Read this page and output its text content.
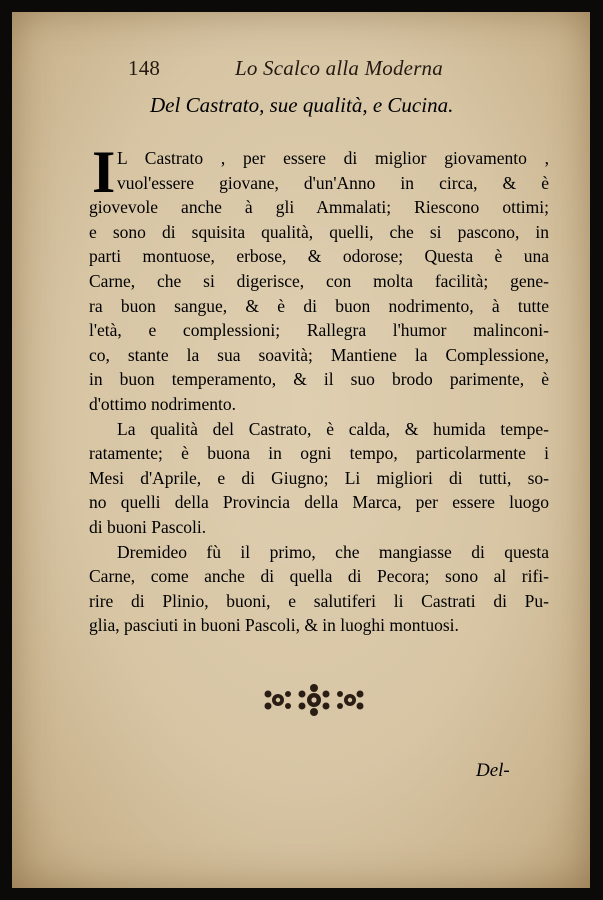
148	Lo Scalco alla Moderna
Del Castrato, sue qualità, e Cucina.
I L Castrato , per essere di miglior giovamento ,
vuol'essere giovane, d'un'Anno in circa, & è
giovevole anche à gli Ammalati; Riescono ottimi;
e sono di squisita qualità, quelli, che si pascono, in
parti montuose, erbose, & odorose; Questa è una
Carne, che si digerisce, con molta facilità; gene-
ra buon sangue, & è di buon nodrimento, à tutte
l'età, e complessioni; Rallegra l'humor malinconi-
co, stante la sua soavità; Mantiene la Complessione,
in buon temperamento, & il suo brodo parimente, è
d'ottimo nodrimento.
La qualità del Castrato, è calda, & humida tempe-
ratamente; è buona in ogni tempo, particolarmente i
Mesi d'Aprile, e di Giugno; Li migliori di tutti, so-
no quelli della Provincia della Marca, per essere luogo
di buoni Pascoli.
Dremideo fù il primo, che mangiasse di questa
Carne, come anche di quella di Pecora; sono al rifi-
rire di Plinio, buoni, e salutiferi li Castrati di Pu-
glia, pasciuti in buoni Pascoli, & in luoghi montuosi.
Del-
